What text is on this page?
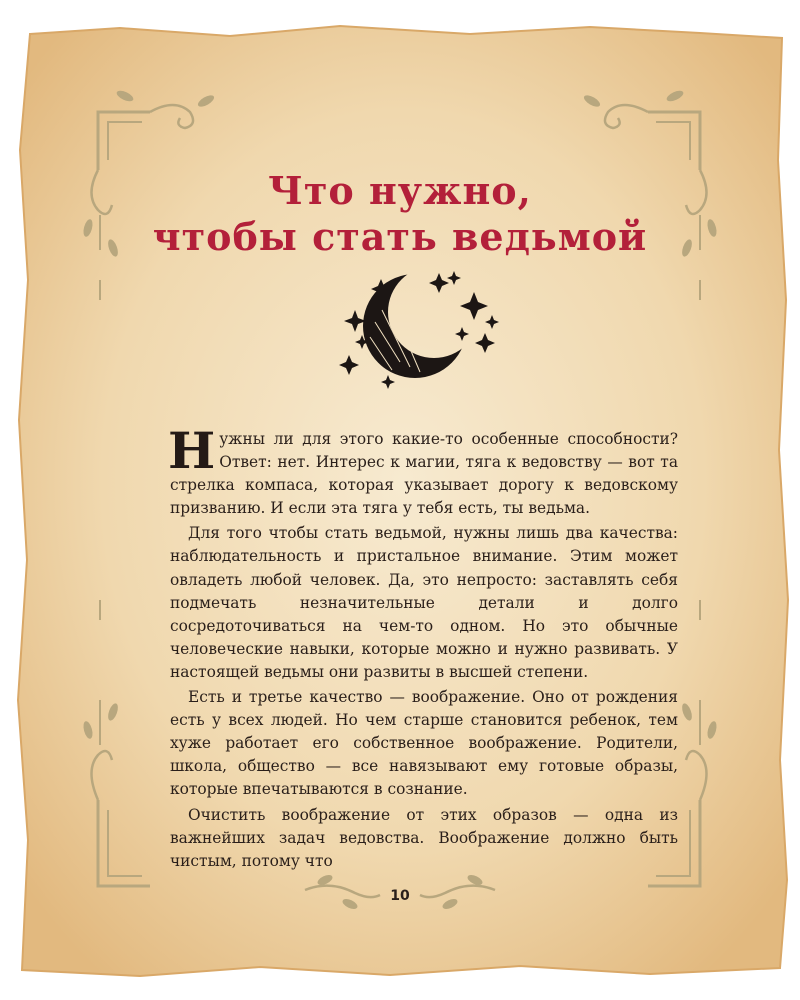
Что нужно,
чтобы стать ведьмой

Нужны ли для этого какие-то особенные способности? Ответ: нет. Интерес к магии, тяга к ведовству — вот та стрелка компаса, которая указывает дорогу к ведовскому призванию. И если эта тяга у тебя есть, ты ведьма.

Для того чтобы стать ведьмой, нужны лишь два качества: наблюдательность и пристальное внимание. Этим может овладеть любой человек. Да, это непросто: заставлять себя подмечать незначительные детали и долго сосредоточиваться на чем-то одном. Но это обычные человеческие навыки, которые можно и нужно развивать. У настоящей ведьмы они развиты в высшей степени.

Есть и третье качество — воображение. Оно от рождения есть у всех людей. Но чем старше становится ребенок, тем хуже работает его собственное воображение. Родители, школа, общество — все навязывают ему готовые образы, которые впечатываются в сознание.

Очистить воображение от этих образов — одна из важнейших задач ведовства. Воображение должно быть чистым, потому что

10
